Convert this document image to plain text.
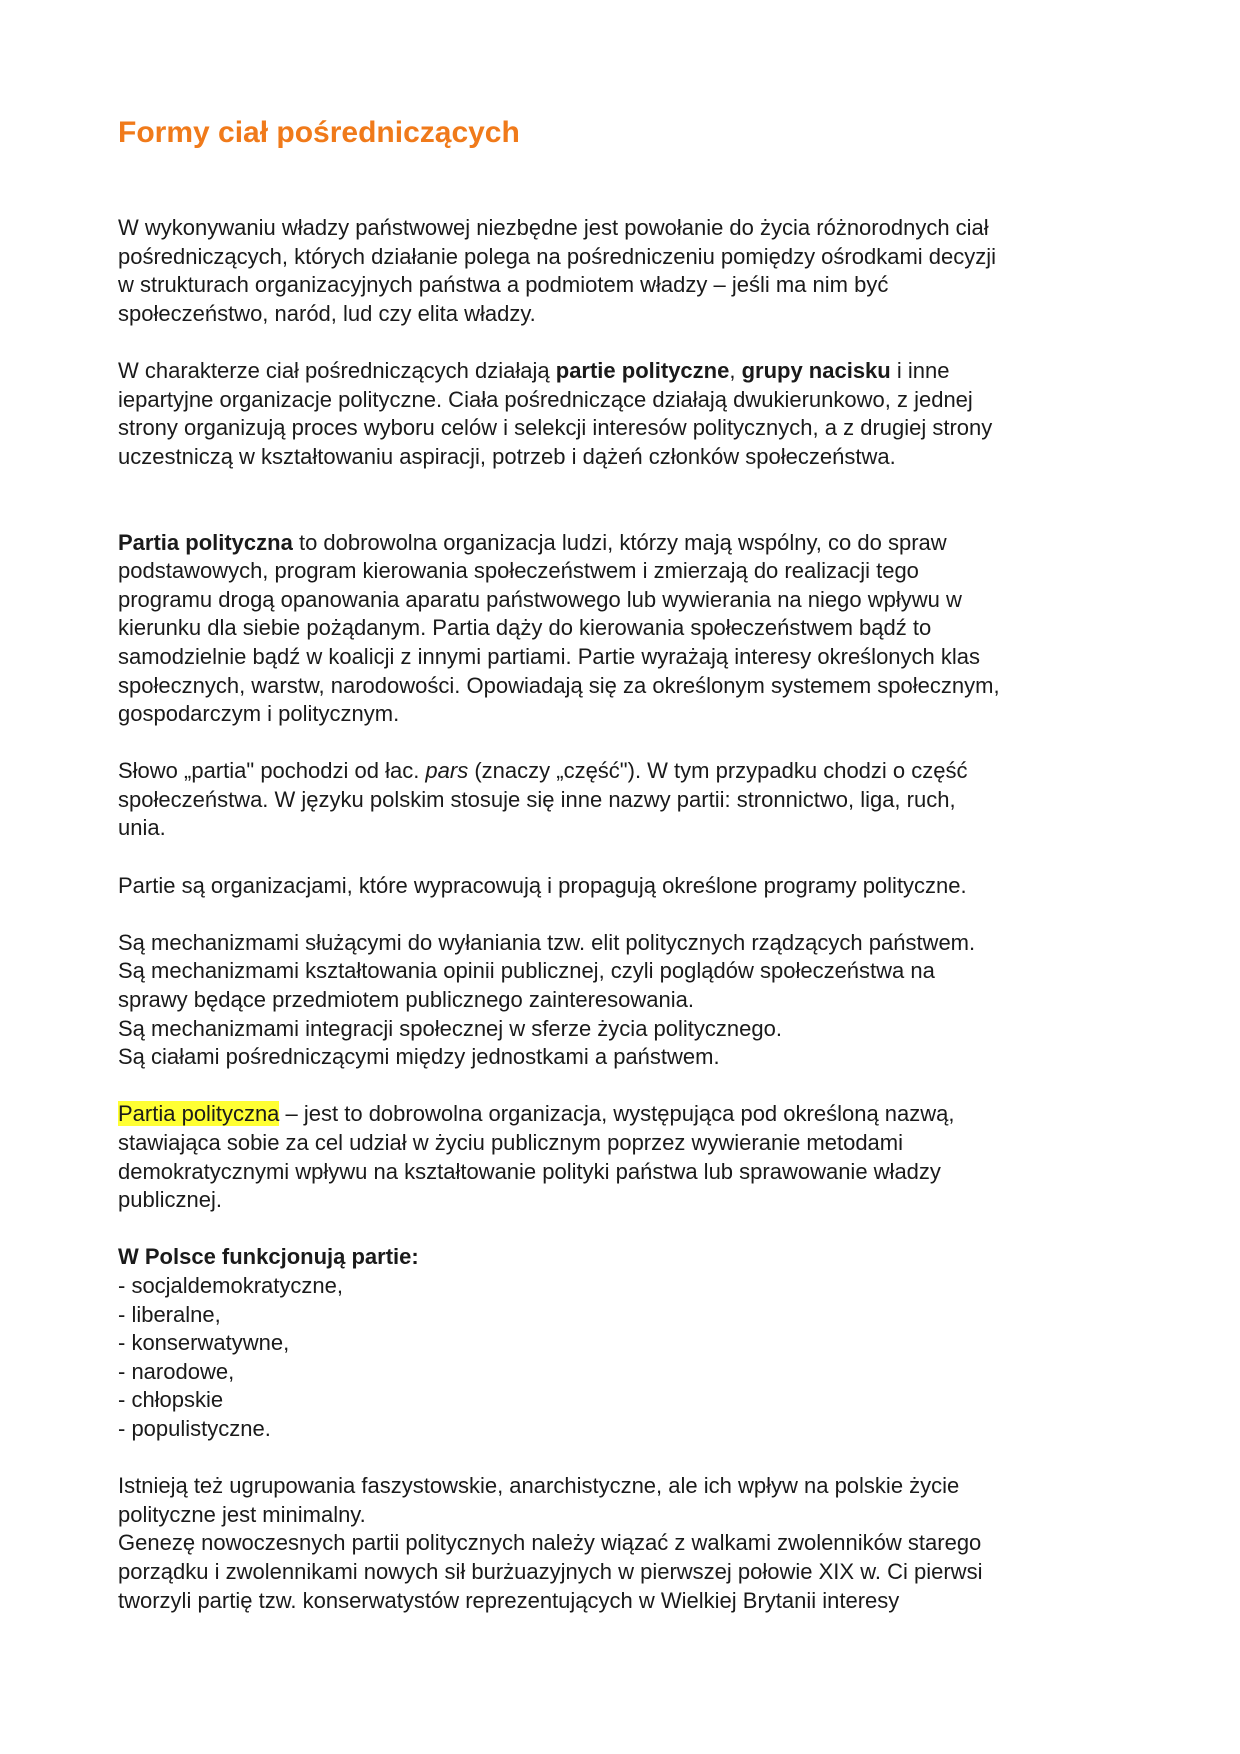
Formy ciał pośredniczących

W wykonywaniu władzy państwowej niezbędne jest powołanie do życia różnorodnych ciał
pośredniczących, których działanie polega na pośredniczeniu pomiędzy ośrodkami decyzji
w strukturach organizacyjnych państwa a podmiotem władzy – jeśli ma nim być
społeczeństwo, naród, lud czy elita władzy.

W charakterze ciał pośredniczących działają partie polityczne, grupy nacisku i inne
iepartyjne organizacje polityczne. Ciała pośredniczące działają dwukierunkowo, z jednej
strony organizują proces wyboru celów i selekcji interesów politycznych, a z drugiej strony
uczestniczą w kształtowaniu aspiracji, potrzeb i dążeń członków społeczeństwa.

Partia polityczna to dobrowolna organizacja ludzi, którzy mają wspólny, co do spraw
podstawowych, program kierowania społeczeństwem i zmierzają do realizacji tego
programu drogą opanowania aparatu państwowego lub wywierania na niego wpływu w
kierunku dla siebie pożądanym. Partia dąży do kierowania społeczeństwem bądź to
samodzielnie bądź w koalicji z innymi partiami. Partie wyrażają interesy określonych klas
społecznych, warstw, narodowości. Opowiadają się za określonym systemem społecznym,
gospodarczym i politycznym.

Słowo „partia" pochodzi od łac. pars (znaczy „część"). W tym przypadku chodzi o część
społeczeństwa. W języku polskim stosuje się inne nazwy partii: stronnictwo, liga, ruch,
unia.

Partie są organizacjami, które wypracowują i propagują określone programy polityczne.

Są mechanizmami służącymi do wyłaniania tzw. elit politycznych rządzących państwem.
Są mechanizmami kształtowania opinii publicznej, czyli poglądów społeczeństwa na
sprawy będące przedmiotem publicznego zainteresowania.
Są mechanizmami integracji społecznej w sferze życia politycznego.
Są ciałami pośredniczącymi między jednostkami a państwem.

Partia polityczna – jest to dobrowolna organizacja, występująca pod określoną nazwą,
stawiająca sobie za cel udział w życiu publicznym poprzez wywieranie metodami
demokratycznymi wpływu na kształtowanie polityki państwa lub sprawowanie władzy
publicznej.

W Polsce funkcjonują partie:

- socjaldemokratyczne,

- liberalne,

- konserwatywne,

- narodowe,

- chłopskie

- populistyczne.

Istnieją też ugrupowania faszystowskie, anarchistyczne, ale ich wpływ na polskie życie
polityczne jest minimalny.
Genezę nowoczesnych partii politycznych należy wiązać z walkami zwolenników starego
porządku i zwolennikami nowych sił burżuazyjnych w pierwszej połowie XIX w. Ci pierwsi
tworzyli partię tzw. konserwatystów reprezentujących w Wielkiej Brytanii interesy
